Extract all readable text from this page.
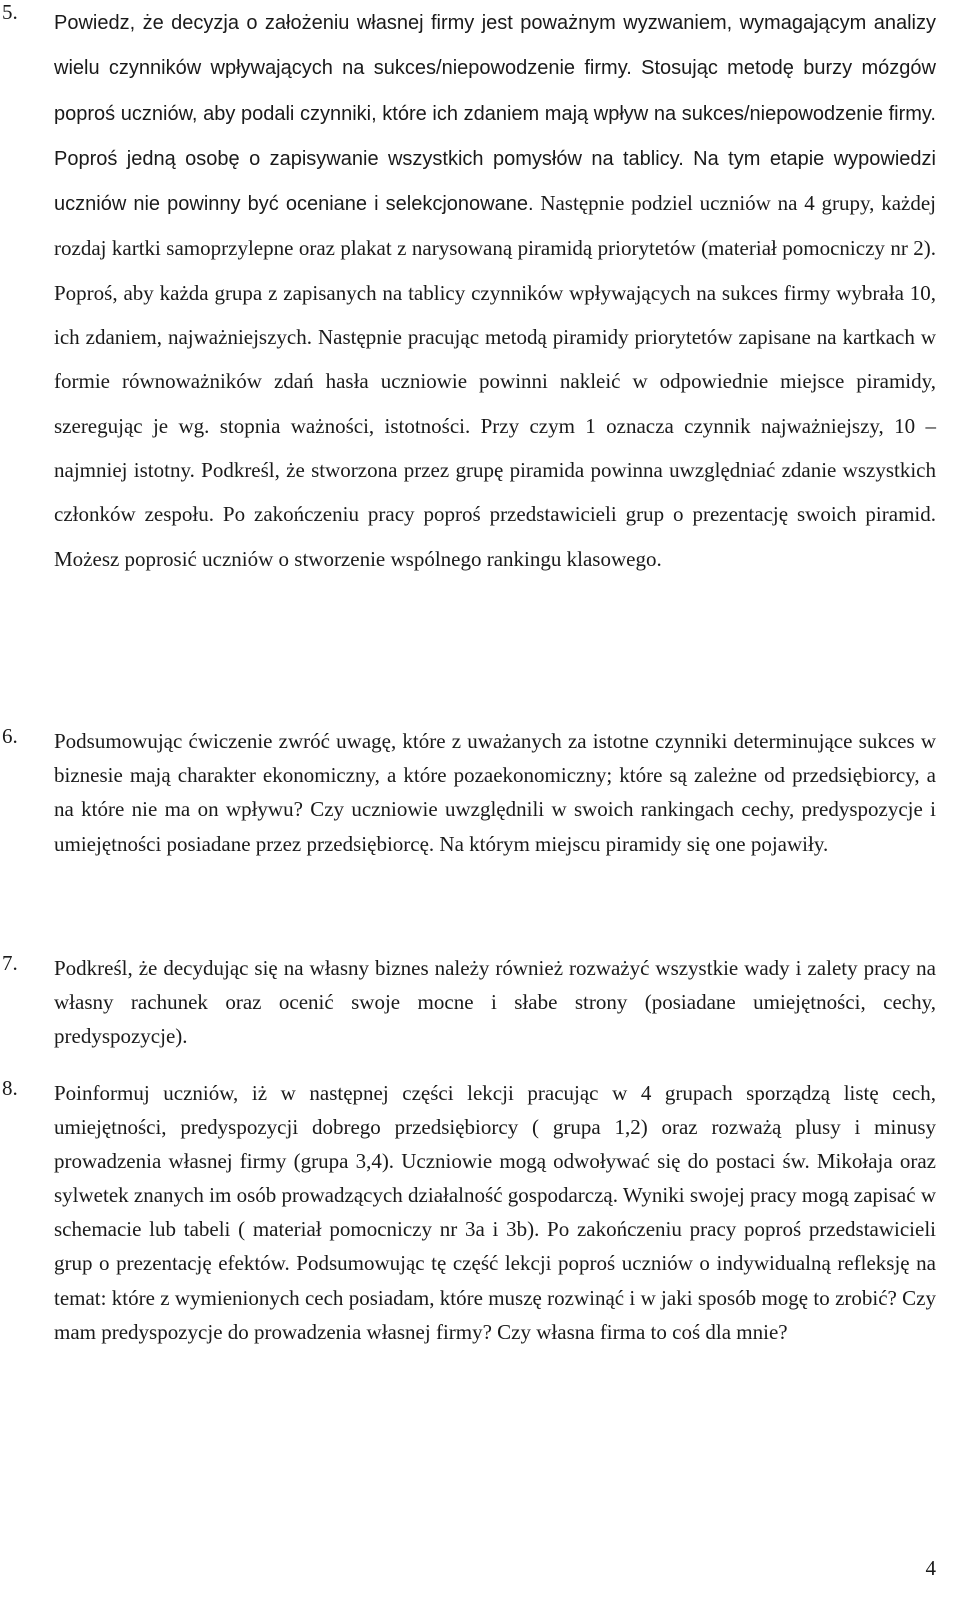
5. Powiedz, że decyzja o założeniu własnej firmy jest poważnym wyzwaniem, wymagającym analizy wielu czynników wpływających na sukces/niepowodzenie firmy. Stosując metodę burzy mózgów poproś uczniów, aby podali czynniki, które ich zdaniem mają wpływ na sukces/niepowodzenie firmy. Poproś jedną osobę o zapisywanie wszystkich pomysłów na tablicy. Na tym etapie wypowiedzi uczniów nie powinny być oceniane i selekcjonowane. Następnie podziel uczniów na 4 grupy, każdej rozdaj kartki samoprzylepne oraz plakat z narysowaną piramidą priorytetów (materiał pomocniczy nr 2). Poproś, aby każda grupa z zapisanych na tablicy czynników wpływających na sukces firmy wybrała 10, ich zdaniem, najważniejszych. Następnie pracując metodą piramidy priorytetów zapisane na kartkach w formie równoważników zdań hasła uczniowie powinni nakleić w odpowiednie miejsce piramidy, szeregując je wg. stopnia ważności, istotności. Przy czym 1 oznacza czynnik najważniejszy, 10 – najmniej istotny. Podkreśl, że stworzona przez grupę piramida powinna uwzględniać zdanie wszystkich członków zespołu. Po zakończeniu pracy poproś przedstawicieli grup o prezentację swoich piramid. Możesz poprosić uczniów o stworzenie wspólnego rankingu klasowego.

6. Podsumowując ćwiczenie zwróć uwagę, które z uważanych za istotne czynniki determinujące sukces w biznesie mają charakter ekonomiczny, a które pozaekonomiczny; które są zależne od przedsiębiorcy, a na które nie ma on wpływu? Czy uczniowie uwzględnili w swoich rankingach cechy, predyspozycje i umiejętności posiadane przez przedsiębiorcę. Na którym miejscu piramidy się one pojawiły.

7. Podkreśl, że decydując się na własny biznes należy również rozważyć wszystkie wady i zalety pracy na własny rachunek oraz ocenić swoje mocne i słabe strony (posiadane umiejętności, cechy, predyspozycje).

8. Poinformuj uczniów, iż w następnej części lekcji pracując w 4 grupach sporządzą listę cech, umiejętności, predyspozycji dobrego przedsiębiorcy ( grupa 1,2) oraz rozważą plusy i minusy prowadzenia własnej firmy (grupa 3,4). Uczniowie mogą odwoływać się do postaci św. Mikołaja oraz sylwetek znanych im osób prowadzących działalność gospodarczą. Wyniki swojej pracy mogą zapisać w schemacie lub tabeli ( materiał pomocniczy nr 3a i 3b). Po zakończeniu pracy poproś przedstawicieli grup o prezentację efektów. Podsumowując tę część lekcji poproś uczniów o indywidualną refleksję na temat: które z wymienionych cech posiadam, które muszę rozwinąć i w jaki sposób mogę to zrobić? Czy mam predyspozycje do prowadzenia własnej firmy? Czy własna firma to coś dla mnie?

4
